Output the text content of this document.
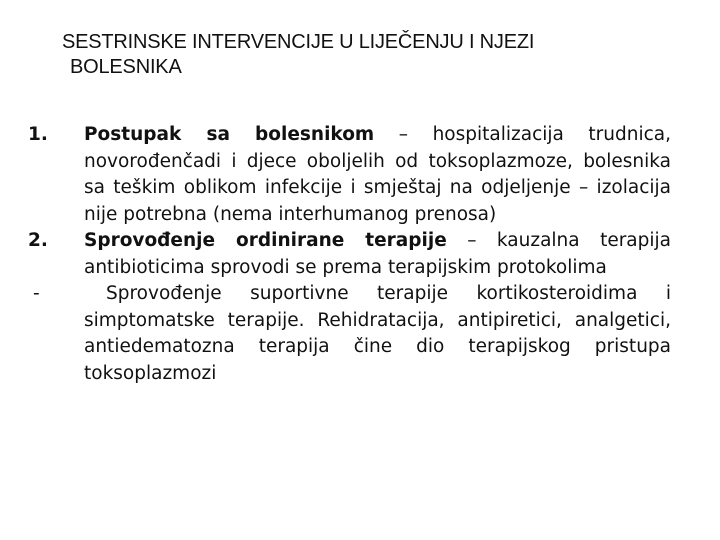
SESTRINSKE INTERVENCIJE U LIJEČENJU I NJEZI
BOLESNIKA

1.	Postupak sa bolesnikom – hospitalizacija trudnica, novorođenčadi i djece oboljelih od toksoplazmoze, bolesnika sa teškim oblikom infekcije i smještaj na odjeljenje – izolacija nije potrebna (nema interhumanog prenosa)

2.	Sprovođenje ordinirane terapije – kauzalna terapija antibioticima sprovodi se prema terapijskim protokolima

-	Sprovođenje suportivne terapije kortikosteroidima i simptomatske terapije. Rehidratacija, antipiretici, analgetici, antiedematozna terapija čine dio terapijskog pristupa toksoplazmozi
